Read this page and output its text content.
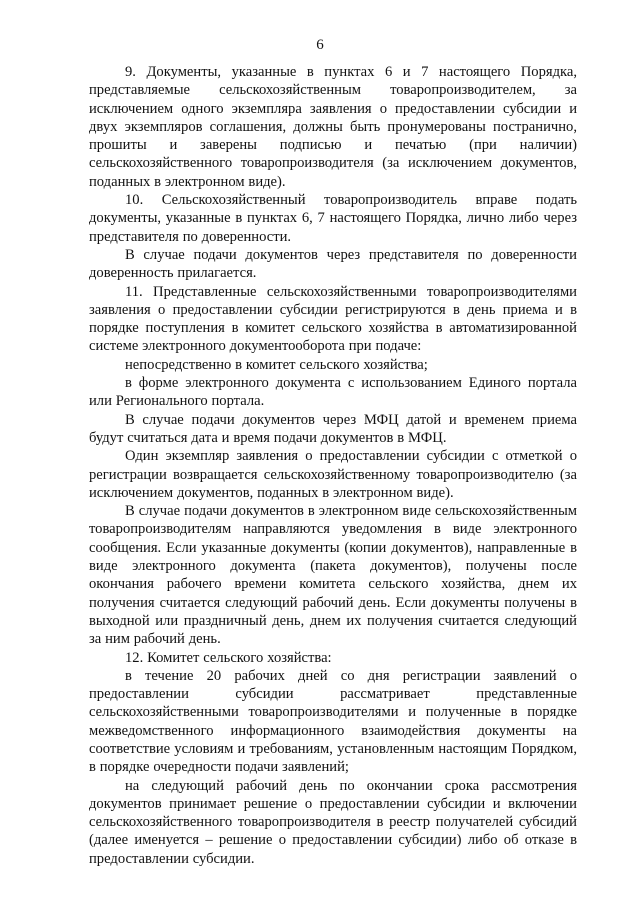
6

9. Документы, указанные в пунктах 6 и 7 настоящего Порядка, представляемые сельскохозяйственным товаропроизводителем, за исключением одного экземпляра заявления о предоставлении субсидии и двух экземпляров соглашения, должны быть пронумерованы постранично, прошиты и заверены подписью и печатью (при наличии) сельскохозяйственного товаропроизводителя (за исключением документов, поданных в электронном виде).

10. Сельскохозяйственный товаропроизводитель вправе подать документы, указанные в пунктах 6, 7 настоящего Порядка, лично либо через представителя по доверенности.

В случае подачи документов через представителя по доверенности доверенность прилагается.

11. Представленные сельскохозяйственными товаропроизводителями заявления о предоставлении субсидии регистрируются в день приема и в порядке поступления в комитет сельского хозяйства в автоматизированной системе электронного документооборота при подаче:

непосредственно в комитет сельского хозяйства;

в форме электронного документа с использованием Единого портала или Регионального портала.

В случае подачи документов через МФЦ датой и временем приема будут считаться дата и время подачи документов в МФЦ.

Один экземпляр заявления о предоставлении субсидии с отметкой о регистрации возвращается сельскохозяйственному товаропроизводителю (за исключением документов, поданных в электронном виде).

В случае подачи документов в электронном виде сельскохозяйственным товаропроизводителям направляются уведомления в виде электронного сообщения. Если указанные документы (копии документов), направленные в виде электронного документа (пакета документов), получены после окончания рабочего времени комитета сельского хозяйства, днем их получения считается следующий рабочий день. Если документы получены в выходной или праздничный день, днем их получения считается следующий за ним рабочий день.

12. Комитет сельского хозяйства:

в течение 20 рабочих дней со дня регистрации заявлений о предоставлении субсидии рассматривает представленные сельскохозяйственными товаропроизводителями и полученные в порядке межведомственного информационного взаимодействия документы на соответствие условиям и требованиям, установленным настоящим Порядком, в порядке очередности подачи заявлений;

на следующий рабочий день по окончании срока рассмотрения документов принимает решение о предоставлении субсидии и включении сельскохозяйственного товаропроизводителя в реестр получателей субсидий (далее именуется – решение о предоставлении субсидии) либо об отказе в предоставлении субсидии.
